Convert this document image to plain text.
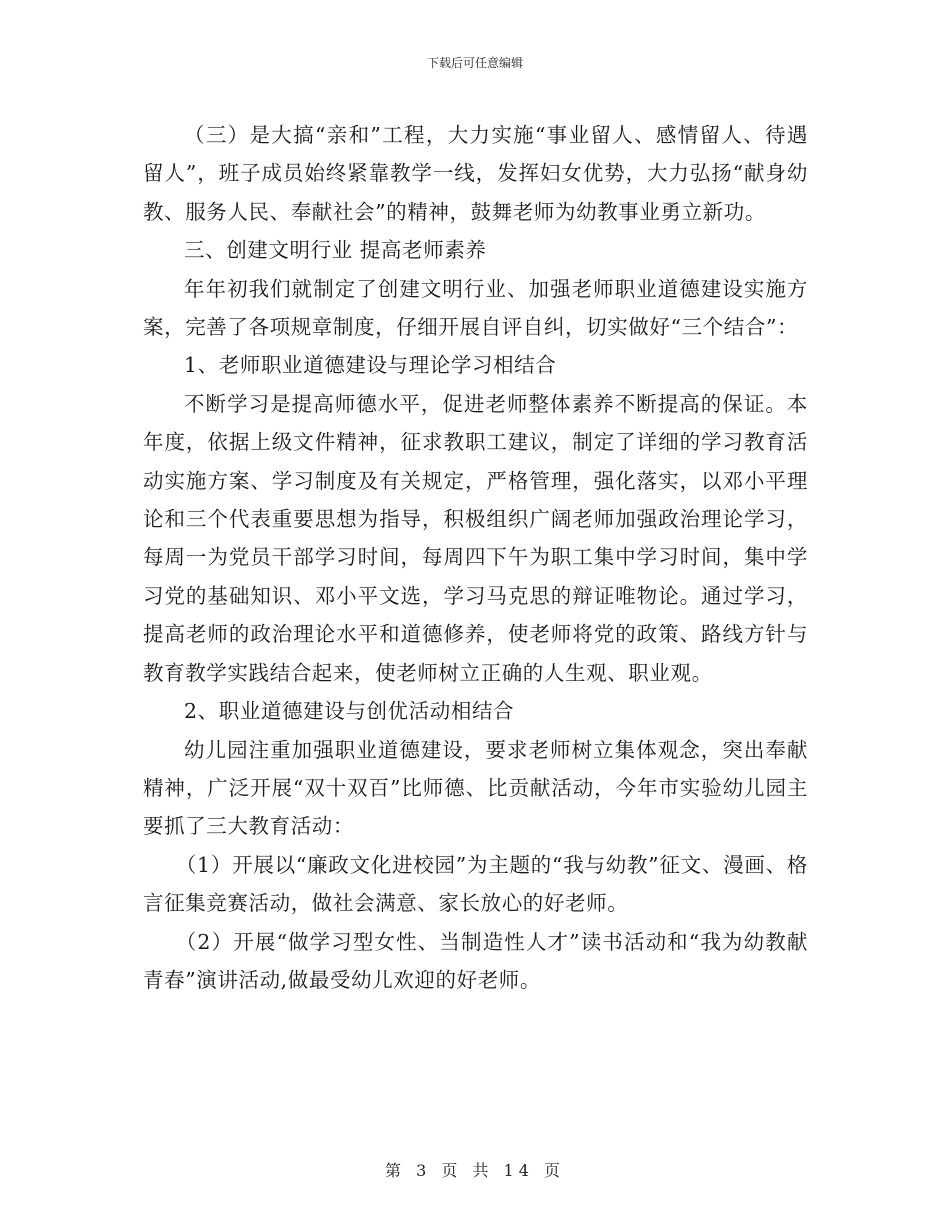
下载后可任意编辑

（三）是大搞“亲和”工程，大力实施“事业留人、感情留人、待遇留人”，班子成员始终紧靠教学一线，发挥妇女优势，大力弘扬“献身幼教、服务人民、奉献社会”的精神，鼓舞老师为幼教事业勇立新功。

三、创建文明行业 提高老师素养

年年初我们就制定了创建文明行业、加强老师职业道德建设实施方案，完善了各项规章制度，仔细开展自评自纠，切实做好“三个结合”：

1、老师职业道德建设与理论学习相结合

不断学习是提高师德水平，促进老师整体素养不断提高的保证。本年度，依据上级文件精神，征求教职工建议，制定了详细的学习教育活动实施方案、学习制度及有关规定，严格管理，强化落实，以邓小平理论和三个代表重要思想为指导，积极组织广阔老师加强政治理论学习，每周一为党员干部学习时间，每周四下午为职工集中学习时间，集中学习党的基础知识、邓小平文选，学习马克思的辩证唯物论。通过学习，提高老师的政治理论水平和道德修养，使老师将党的政策、路线方针与教育教学实践结合起来，使老师树立正确的人生观、职业观。

2、职业道德建设与创优活动相结合

幼儿园注重加强职业道德建设，要求老师树立集体观念，突出奉献精神，广泛开展“双十双百”比师德、比贡献活动，今年市实验幼儿园主要抓了三大教育活动：

（1）开展以“廉政文化进校园”为主题的“我与幼教”征文、漫画、格言征集竞赛活动，做社会满意、家长放心的好老师。

（2）开展“做学习型女性、当制造性人才”读书活动和“我为幼教献青春”演讲活动,做最受幼儿欢迎的好老师。

第 3 页 共 14 页
